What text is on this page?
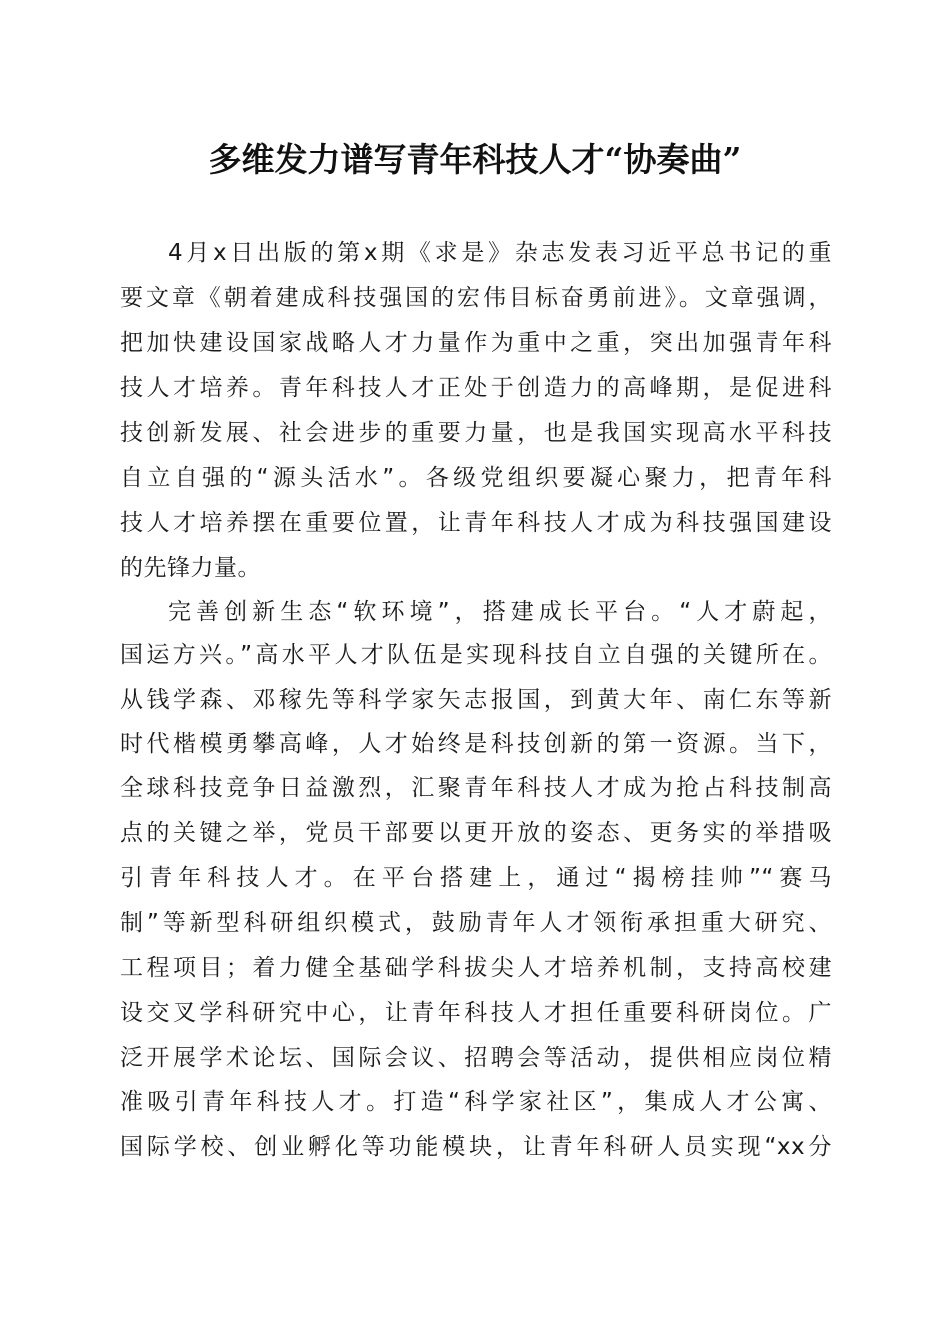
多维发力谱写青年科技人才“协奏曲”
4月x日出版的第x期《求是》杂志发表习近平总书记的重
要文章《朝着建成科技强国的宏伟目标奋勇前进》。文章强调，
把加快建设国家战略人才力量作为重中之重，突出加强青年科
技人才培养。青年科技人才正处于创造力的高峰期，是促进科
技创新发展、社会进步的重要力量，也是我国实现高水平科技
自立自强的“源头活水”。各级党组织要凝心聚力，把青年科
技人才培养摆在重要位置，让青年科技人才成为科技强国建设
的先锋力量。
完善创新生态“软环境”，搭建成长平台。“人才蔚起，
国运方兴。”高水平人才队伍是实现科技自立自强的关键所在。
从钱学森、邓稼先等科学家矢志报国，到黄大年、南仁东等新
时代楷模勇攀高峰，人才始终是科技创新的第一资源。当下，
全球科技竞争日益激烈，汇聚青年科技人才成为抢占科技制高
点的关键之举，党员干部要以更开放的姿态、更务实的举措吸
引青年科技人才。在平台搭建上，通过“揭榜挂帅”“赛马
制”等新型科研组织模式，鼓励青年人才领衔承担重大研究、
工程项目；着力健全基础学科拔尖人才培养机制，支持高校建
设交叉学科研究中心，让青年科技人才担任重要科研岗位。广
泛开展学术论坛、国际会议、招聘会等活动，提供相应岗位精
准吸引青年科技人才。打造“科学家社区”，集成人才公寓、
国际学校、创业孵化等功能模块，让青年科研人员实现“xx分
